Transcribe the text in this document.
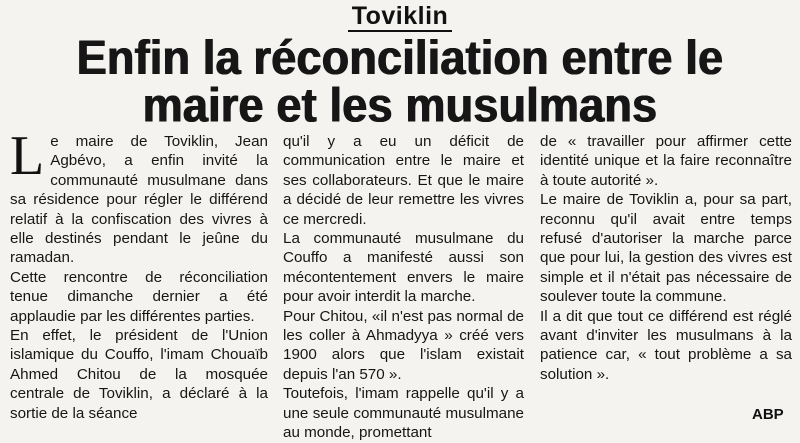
Toviklin
Enfin la réconciliation entre le
maire et les musulmans

Le maire de Toviklin, Jean Agbévo, a enfin invité la communauté musulmane dans sa résidence pour régler le différend relatif à la confiscation des vivres à elle destinés pendant le jeûne du ramadan.

Cette rencontre de réconciliation tenue dimanche dernier a été applaudie par les différentes parties.

En effet, le président de l'Union islamique du Couffo, l'imam Chouaïb Ahmed Chitou de la mosquée centrale de Toviklin, a déclaré à la sortie de la séance

qu'il y a eu un déficit de communication entre le maire et ses collaborateurs. Et que le maire a décidé de leur remettre les vivres ce mercredi.

La communauté musulmane du Couffo a manifesté aussi son mécontentement envers le maire pour avoir interdit la marche.

Pour Chitou, «il n'est pas normal de les coller à Ahmadyya » créé vers 1900 alors que l'islam existait depuis l'an 570 ».

Toutefois, l'imam rappelle qu'il y a une seule communauté musulmane au monde, promettant

de « travailler pour affirmer cette identité unique et la faire reconnaître à toute autorité ».

Le maire de Toviklin a, pour sa part, reconnu qu'il avait entre temps refusé d'autoriser la marche parce que pour lui, la gestion des vivres est simple et il n'était pas nécessaire de soulever toute la commune.

Il a dit que tout ce différend est réglé avant d'inviter les musulmans à la patience car, « tout problème a sa solution ».

ABP
